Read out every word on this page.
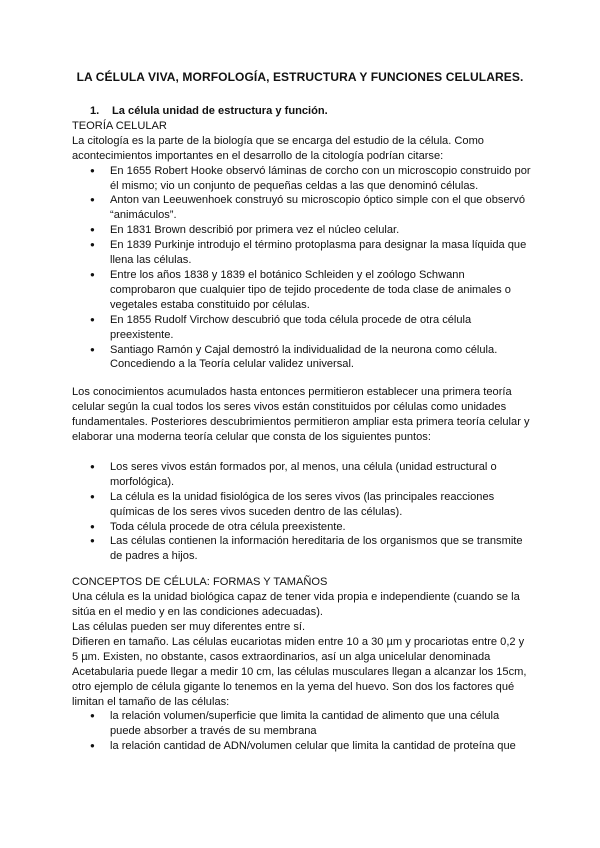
LA CÉLULA VIVA, MORFOLOGÍA, ESTRUCTURA Y FUNCIONES CELULARES.
1. La célula unidad de estructura y función.

TEORÍA CELULAR

La citología es la parte de la biología que se encarga del estudio de la célula. Como acontecimientos importantes en el desarrollo de la citología podrían citarse:

● En 1655 Robert Hooke observó láminas de corcho con un microscopio construido por él mismo; vio un conjunto de pequeñas celdas a las que denominó células.
● Anton van Leeuwenhoek construyó su microscopio óptico simple con el que observó “animáculos”.
● En 1831 Brown describió por primera vez el núcleo celular.
● En 1839 Purkinje introdujo el término protoplasma para designar la masa líquida que llena las células.
● Entre los años 1838 y 1839 el botánico Schleiden y el zoólogo Schwann comprobaron que cualquier tipo de tejido procedente de toda clase de animales o vegetales estaba constituido por células.
● En 1855 Rudolf Virchow descubrió que toda célula procede de otra célula preexistente.
● Santiago Ramón y Cajal demostró la individualidad de la neurona como célula. Concediendo a la Teoría celular validez universal.

Los conocimientos acumulados hasta entonces permitieron establecer una primera teoría celular según la cual todos los seres vivos están constituidos por células como unidades fundamentales. Posteriores descubrimientos permitieron ampliar esta primera teoría celular y elaborar una moderna teoría celular que consta de los siguientes puntos:

● Los seres vivos están formados por, al menos, una célula (unidad estructural o morfológica).
● La célula es la unidad fisiológica de los seres vivos (las principales reacciones químicas de los seres vivos suceden dentro de las células).
● Toda célula procede de otra célula preexistente.
● Las células contienen la información hereditaria de los organismos que se transmite de padres a hijos.

CONCEPTOS DE CÉLULA: FORMAS Y TAMAÑOS

Una célula es la unidad biológica capaz de tener vida propia e independiente (cuando se la sitúa en el medio y en las condiciones adecuadas).

Las células pueden ser muy diferentes entre sí.

Difieren en tamaño. Las células eucariotas miden entre 10 a 30 µm y procariotas entre 0,2 y 5 µm. Existen, no obstante, casos extraordinarios, así un alga unicelular denominada Acetabularia puede llegar a medir 10 cm, las células musculares llegan a alcanzar los 15cm, otro ejemplo de célula gigante lo tenemos en la yema del huevo. Son dos los factores qué limitan el tamaño de las células:

● la relación volumen/superficie que limita la cantidad de alimento que una célula puede absorber a través de su membrana
● la relación cantidad de ADN/volumen celular que limita la cantidad de proteína que
